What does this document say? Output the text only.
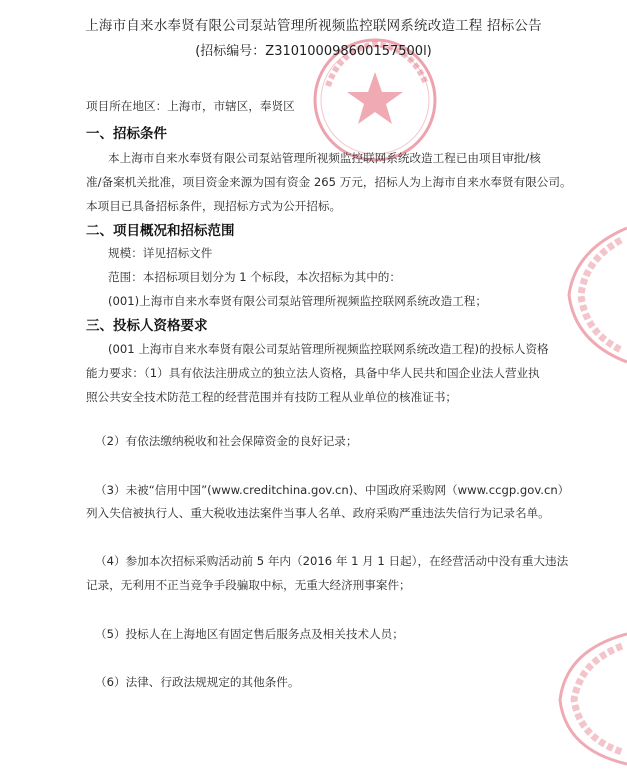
上海市自来水奉贤有限公司泵站管理所视频监控联网系统改造工程 招标公告
(招标编号：Z310100098600157500l)
项目所在地区：上海市，市辖区，奉贤区
一、招标条件
本上海市自来水奉贤有限公司泵站管理所视频监控联网系统改造工程已由项目审批/核
准/备案机关批准，项目资金来源为国有资金 265 万元，招标人为上海市自来水奉贤有限公司。
本项目已具备招标条件，现招标方式为公开招标。
二、项目概况和招标范围
规模：详见招标文件
范围：本招标项目划分为 1 个标段，本次招标为其中的：
(001)上海市自来水奉贤有限公司泵站管理所视频监控联网系统改造工程；
三、投标人资格要求
(001 上海市自来水奉贤有限公司泵站管理所视频监控联网系统改造工程)的投标人资格
能力要求：（1）具有依法注册成立的独立法人资格，具备中华人民共和国企业法人营业执
照公共安全技术防范工程的经营范围并有技防工程从业单位的核准证书；
（2）有依法缴纳税收和社会保障资金的良好记录；
（3）未被“信用中国”(www.creditchina.gov.cn)、中国政府采购网（www.ccgp.gov.cn）
列入失信被执行人、重大税收违法案件当事人名单、政府采购严重违法失信行为记录名单。
（4）参加本次招标采购活动前 5 年内（2016 年 1 月 1 日起），在经营活动中没有重大违法
记录，无利用不正当竞争手段骗取中标，无重大经济刑事案件；
（5）投标人在上海地区有固定售后服务点及相关技术人员；
（6）法律、行政法规规定的其他条件。
